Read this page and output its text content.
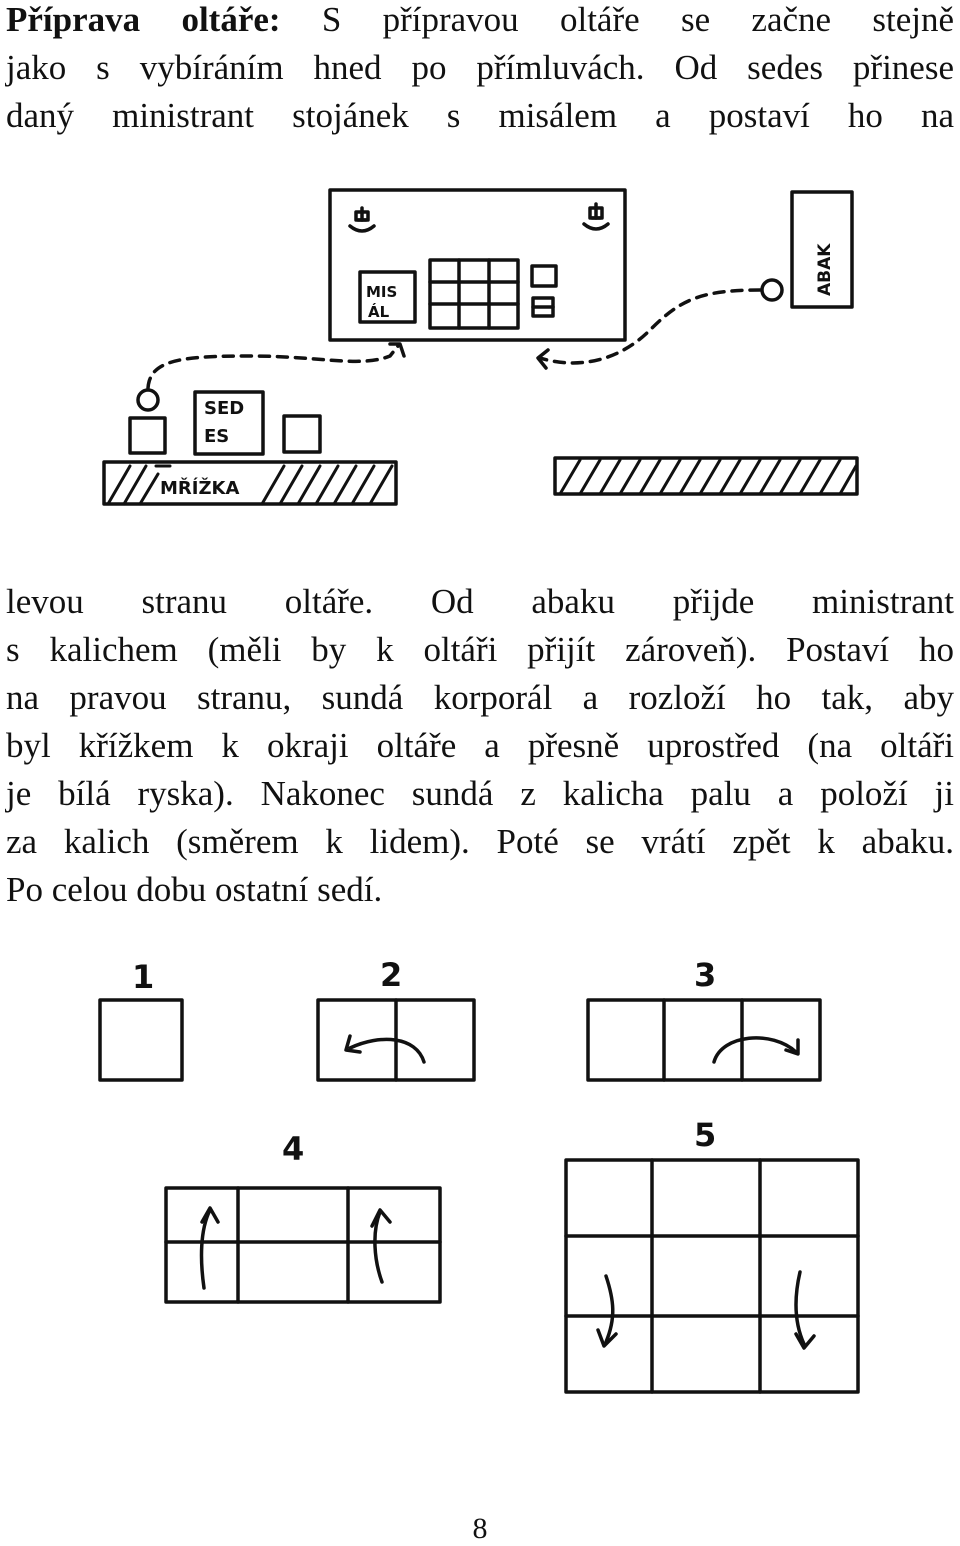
Příprava oltáře: S přípravou oltáře se začne stejně
jako s vybíráním hned po přímluvách. Od sedes přinese
daný ministrant stojánek s misálem a postaví ho na

MIS
ÁL
SED
ES
ABAK
MŘÍŽKA
1	2	3
4	5

levou stranu oltáře. Od abaku přijde ministrant
s kalichem (měli by k oltáři přijít zároveň). Postaví ho
na pravou stranu, sundá korporál a rozloží ho tak, aby
byl křížkem k okraji oltáře a přesně uprostřed (na oltáři
je bílá ryska). Nakonec sundá z kalicha palu a položí ji
za kalich (směrem k lidem). Poté se vrátí zpět k abaku.
Po celou dobu ostatní sedí.

8
